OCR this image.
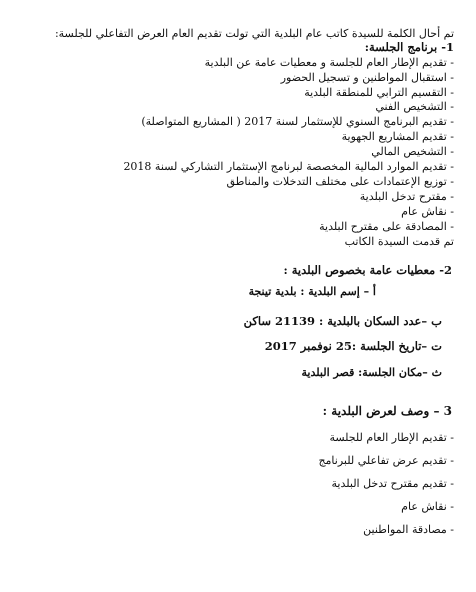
تم أحال الكلمة للسيدة كاتب عام البلدية التي تولت تقديم العام العرض التفاعلي للجلسة:
1- برنامج الجلسة:
- تقديم الإطار العام للجلسة و معطيات عامة عن البلدية
- استقبال المواطنين و تسجيل الحضور
- التقسيم الترابي للمنطقة البلدية
- التشخيص الفني
- تقديم البرنامج السنوي للإستثمار لسنة 2017 ( المشاريع المتواصلة)
- تقديم المشاريع الجهوية
- التشخيص المالي
- تقديم الموارد المالية المخصصة لبرنامج الإستثمار التشاركي لسنة 2018
- توزيع الإعتمادات على مختلف التدخلات والمناطق
- مقترح تدخل البلدية
- نقاش عام
- المصادقة على مقترح البلدية
تم قدمت السيدة الكاتب
2- معطيات عامة بخصوص البلدية :
أ – إسم البلدية : بلدية تينجة
ب –عدد السكان بالبلدية : 21139 ساكن
ت –تاريخ الجلسة :25 نوفمبر 2017
ث –مكان الجلسة: قصر البلدية
3 – وصف لعرض البلدية :
- تقديم الإطار العام للجلسة
- تقديم عرض تفاعلي للبرنامج
- تقديم مقترح تدخل البلدية
- نقاش عام
- مصادقة المواطنين
